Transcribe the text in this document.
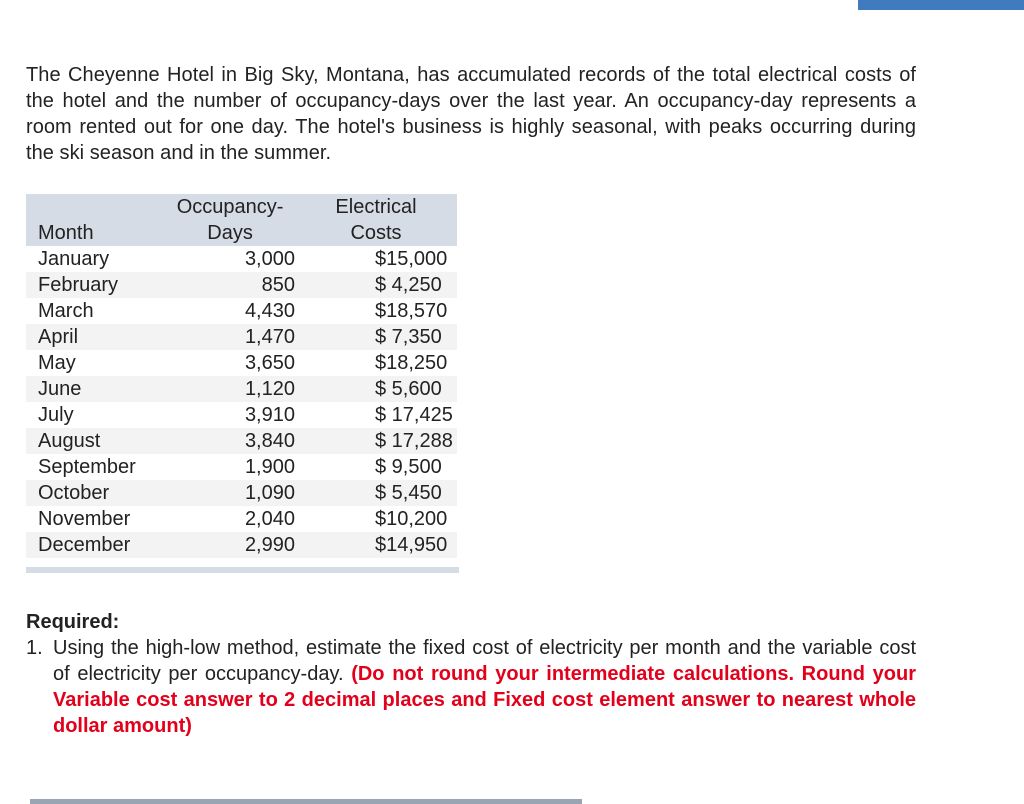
The Cheyenne Hotel in Big Sky, Montana, has accumulated records of the total electrical costs of the hotel and the number of occupancy-days over the last year. An occupancy-day represents a room rented out for one day. The hotel's business is highly seasonal, with peaks occurring during the ski season and in the summer.

	Occupancy-	Electrical
Month	Days	Costs
January	3,000	$15,000
February	850	$ 4,250
March	4,430	$18,570
April	1,470	$ 7,350
May	3,650	$18,250
June	1,120	$ 5,600
July	3,910	$ 17,425
August	3,840	$ 17,288
September	1,900	$ 9,500
October	1,090	$ 5,450
November	2,040	$10,200
December	2,990	$14,950
Required:
1. Using the high-low method, estimate the fixed cost of electricity per month and the variable cost of electricity per occupancy-day. (Do not round your intermediate calculations. Round your Variable cost answer to 2 decimal places and Fixed cost element answer to nearest whole dollar amount)
